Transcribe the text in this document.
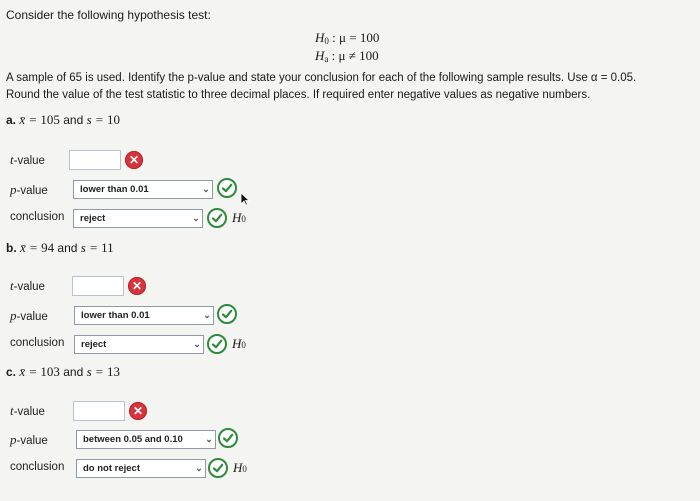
Consider the following hypothesis test:
$H_0$ : μ = 100
$H_a$ : μ ≠ 100
A sample of 65 is used. Identify the p-value and state your conclusion for each of the following sample results. Use α = 0.05.
Round the value of the test statistic to three decimal places. If required enter negative values as negative numbers.
a. x̄ = 105 and s = 10
t-value	✕
p-value	lower than 0.01	⌄
conclusion reject	⌄ H0
b. x̄ = 94 and s = 11
t-value	✕
p-value	lower than 0.01	⌄
conclusion reject	⌄ H0
c. x̄ = 103 and s = 13
t-value	✕
p-value	between 0.05 and 0.10	⌄
conclusion do not reject	⌄ H0
